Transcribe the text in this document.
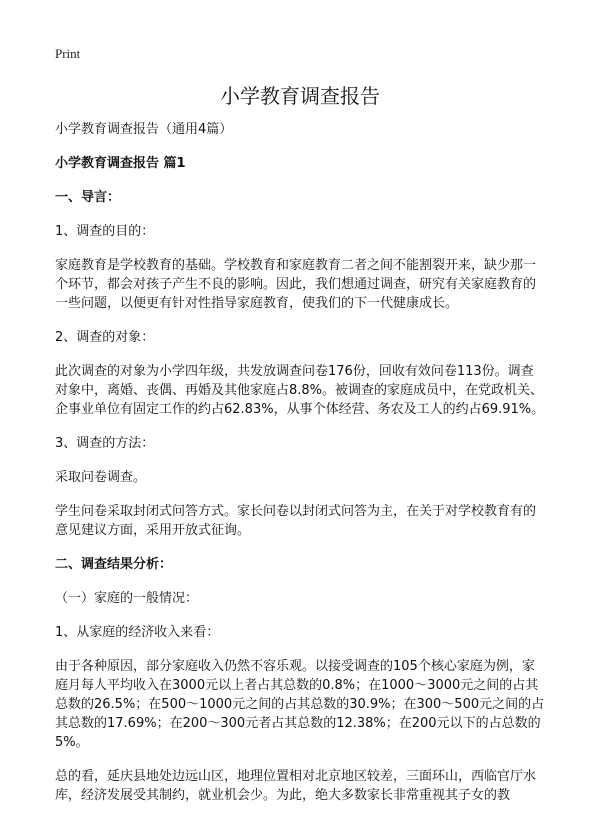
Print
小学教育调查报告

小学教育调查报告（通用4篇）

小学教育调查报告 篇1

一、导言：

1、调查的目的：

家庭教育是学校教育的基础。学校教育和家庭教育二者之间不能割裂开来，缺少那一个环节，都会对孩子产生不良的影响。因此，我们想通过调查，研究有关家庭教育的一些问题，以便更有针对性指导家庭教育，使我们的下一代健康成长。

2、调查的对象：

此次调查的对象为小学四年级，共发放调查问卷176份，回收有效问卷113份。调查对象中，离婚、丧偶、再婚及其他家庭占8.8%。被调查的家庭成员中，在党政机关、企事业单位有固定工作的约占62.83%，从事个体经营、务农及工人的约占69.91%。

3、调查的方法：

采取问卷调查。

学生问卷采取封闭式问答方式。家长问卷以封闭式问答为主，在关于对学校教育有的意见建议方面，采用开放式征询。

二、调查结果分析：

（一）家庭的一般情况：

1、从家庭的经济收入来看：

由于各种原因，部分家庭收入仍然不容乐观。以接受调查的105个核心家庭为例，家庭月每人平均收入在3000元以上者占其总数的0.8%；在1000～3000元之间的占其总数的26.5%；在500～1000元之间的占其总数的30.9%；在300～500元之间的占其总数的17.69%；在200～300元者占其总数的12.38%；在200元以下的占总数的5%。

总的看，延庆县地处边远山区，地理位置相对北京地区较差，三面环山，西临官厅水库，经济发展受其制约，就业机会少。为此，绝大多数家长非常重视其子女的教
